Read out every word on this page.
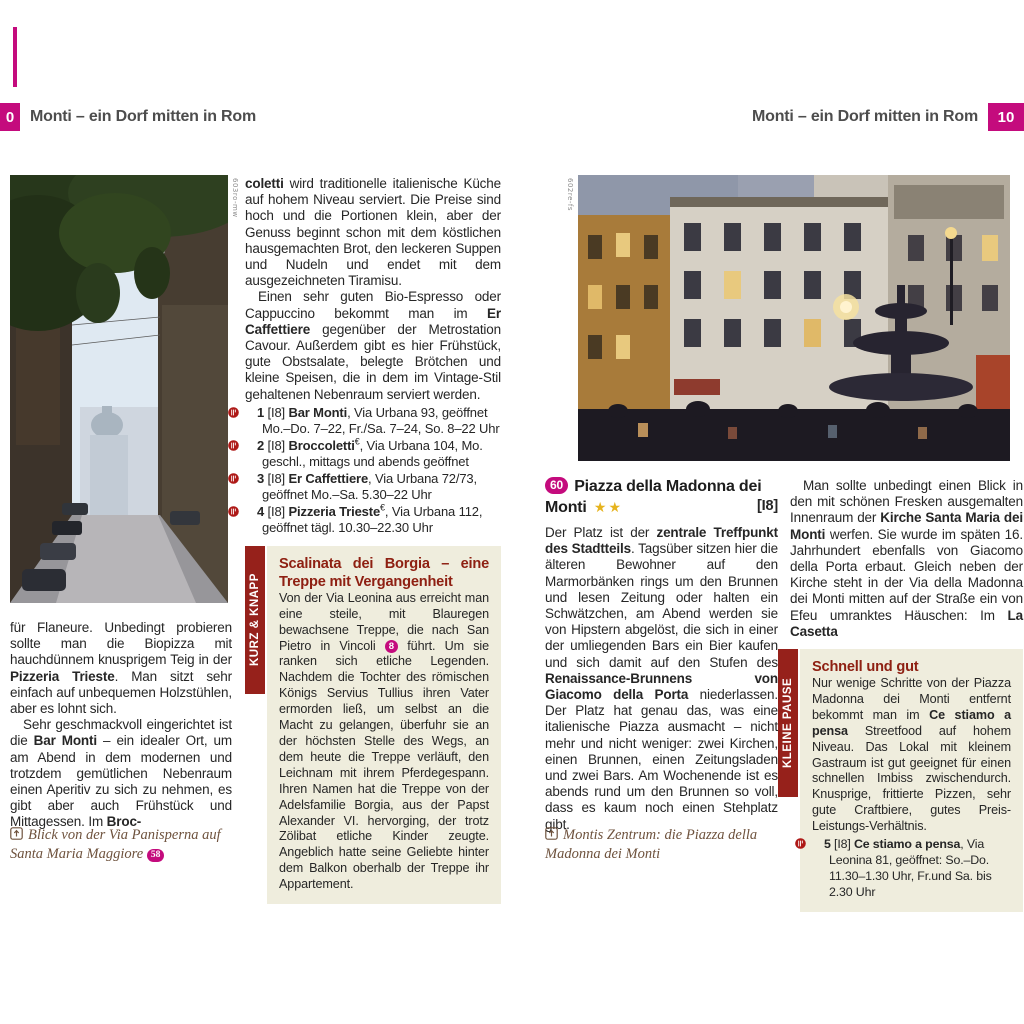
0 Monti – ein Dorf mitten in Rom	Monti – ein Dorf mitten in Rom	10
603ro-mw

für Flaneure. Unbedingt probieren sollte man die Biopizza mit hauchdünnem knusprigem Teig in der Pizzeria Trieste. Man sitzt sehr einfach auf unbequemen Holzstühlen, aber es lohnt sich.

Sehr geschmackvoll eingerichtet ist die Bar Monti – ein idealer Ort, um am Abend in dem modernen und trotzdem gemütlichen Nebenraum einen Aperitiv zu sich zu nehmen, es gibt aber auch Frühstück und Mittagessen. Im Broc-

Blick von der Via Panisperna auf Santa Maria Maggiore 58

coletti wird traditionelle italienische Küche auf hohem Niveau serviert. Die Preise sind hoch und die Portionen klein, aber der Genuss beginnt schon mit dem köstlichen hausgemachten Brot, den leckeren Suppen und Nudeln und endet mit dem ausgezeichneten Tiramisu.

Einen sehr guten Bio-Espresso oder Cappuccino bekommt man im Er Caffettiere gegenüber der Metrostation Cavour. Außerdem gibt es hier Frühstück, gute Obstsalate, belegte Brötchen und kleine Speisen, die in dem im Vintage-Stil gehaltenen Nebenraum serviert werden.

1 [I8] Bar Monti, Via Urbana 93, geöffnet Mo.–Do. 7–22, Fr./Sa. 7–24, So. 8–22 Uhr

2 [I8] Broccoletti€, Via Urbana 104, Mo. geschl., mittags und abends geöffnet

3 [I8] Er Caffettiere, Via Urbana 72/73, geöffnet Mo.–Sa. 5.30–22 Uhr

4 [I8] Pizzeria Trieste€, Via Urbana 112, geöffnet tägl. 10.30–22.30 Uhr

KURZ & KNAPP

Scalinata dei Borgia – eine Treppe mit Vergangenheit

Von der Via Leonina aus erreicht man eine steile, mit Blauregen bewachsene Treppe, die nach San Pietro in Vincoli 8 führt. Um sie ranken sich etliche Legenden. Nachdem die Tochter des römischen Königs Servius Tullius ihren Vater ermorden ließ, um selbst an die Macht zu gelangen, überfuhr sie an der höchsten Stelle des Wegs, an dem heute die Treppe verläuft, den Leichnam mit ihrem Pferdegespann. Ihren Namen hat die Treppe von der Adelsfamilie Borgia, aus der Papst Alexander VI. hervorging, der trotz Zölibat etliche Kinder zeugte. Angeblich hatte seine Geliebte hinter dem Balkon oberhalb der Treppe ihr Appartement.

602re-fs
60 Piazza della Madonna dei Monti ★★	[I8]

Der Platz ist der zentrale Treffpunkt des Stadtteils. Tagsüber sitzen hier die älteren Bewohner auf den Marmorbänken rings um den Brunnen und lesen Zeitung oder halten ein Schwätzchen, am Abend werden sie von Hipstern abgelöst, die sich in einer der umliegenden Bars ein Bier kaufen und sich damit auf den Stufen des Renaissance-Brunnens von Giacomo della Porta niederlassen. Der Platz hat genau das, was eine italienische Piazza ausmacht – nicht mehr und nicht weniger: zwei Kirchen, einen Brunnen, einen Zeitungsladen und zwei Bars. Am Wochenende ist es abends rund um den Brunnen so voll, dass es kaum noch einen Stehplatz gibt.

Montis Zentrum: die Piazza della Madonna dei Monti

Man sollte unbedingt einen Blick in den mit schönen Fresken ausgemalten Innenraum der Kirche Santa Maria dei Monti werfen. Sie wurde im späten 16. Jahrhundert ebenfalls von Giacomo della Porta erbaut. Gleich neben der Kirche steht in der Via della Madonna dei Monti mitten auf der Straße ein von Efeu umranktes Häuschen: Im La Casetta

KLEINE PAUSE

Schnell und gut

Nur wenige Schritte von der Piazza Madonna dei Monti entfernt bekommt man im Ce stiamo a pensa Streetfood auf hohem Niveau. Das Lokal mit kleinem Gastraum ist gut geeignet für einen schnellen Imbiss zwischendurch. Knusprige, frittierte Pizzen, sehr gute Craftbiere, gutes Preis-Leistungs-Verhältnis.

5 [I8] Ce stiamo a pensa, Via Leonina 81, geöffnet: So.–Do. 11.30–1.30 Uhr, Fr.und Sa. bis 2.30 Uhr
